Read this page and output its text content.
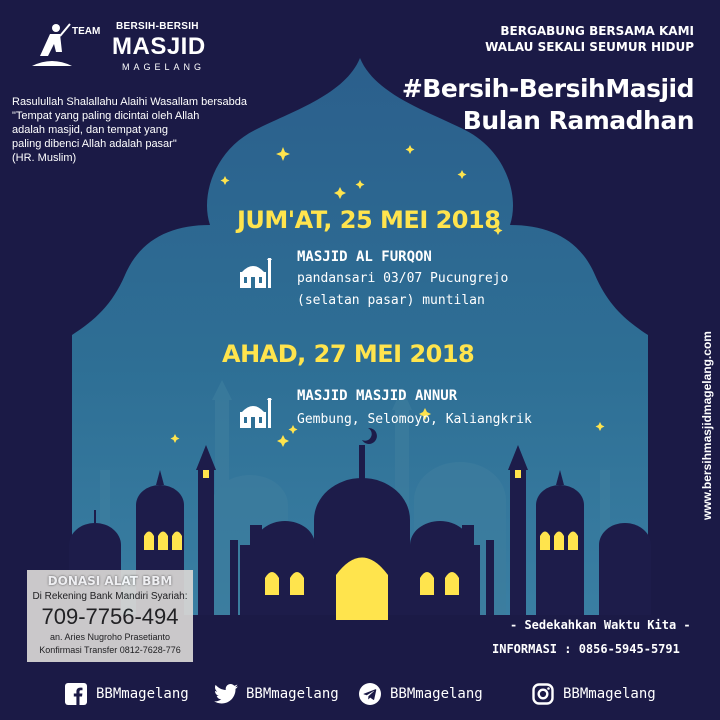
TEAM BERSIH-BERSIH
MASJID
MAGELANG
Rasulullah Shalallahu Alaihi Wasallam bersabda
"Tempat yang paling dicintai oleh Allah
adalah masjid, dan tempat yang
paling dibenci Allah adalah pasar"
(HR. Muslim)
BERGABUNG BERSAMA KAMI
WALAU SEKALI SEUMUR HIDUP
#Bersih-BersihMasjid
Bulan Ramadhan
JUM'AT, 25 MEI 2018
MASJID AL FURQON
pandansari 03/07 Pucungrejo
(selatan pasar) muntilan
AHAD, 27 MEI 2018
MASJID MASJID ANNUR
Gembung, Selomoyo, Kaliangkrik	www.bersihmasjidmagelang.com
DONASI ALAT BBM
Di Rekening Bank Mandiri Syariah:
709-7756-494
an. Aries Nugroho Prasetianto
Konfirmasi Transfer 0812-7628-776
- Sedekahkan Waktu Kita -
INFORMASI : 0856-5945-5791
BBMmagelang	BBMmagelang	BBMmagelang	BBMmagelang
